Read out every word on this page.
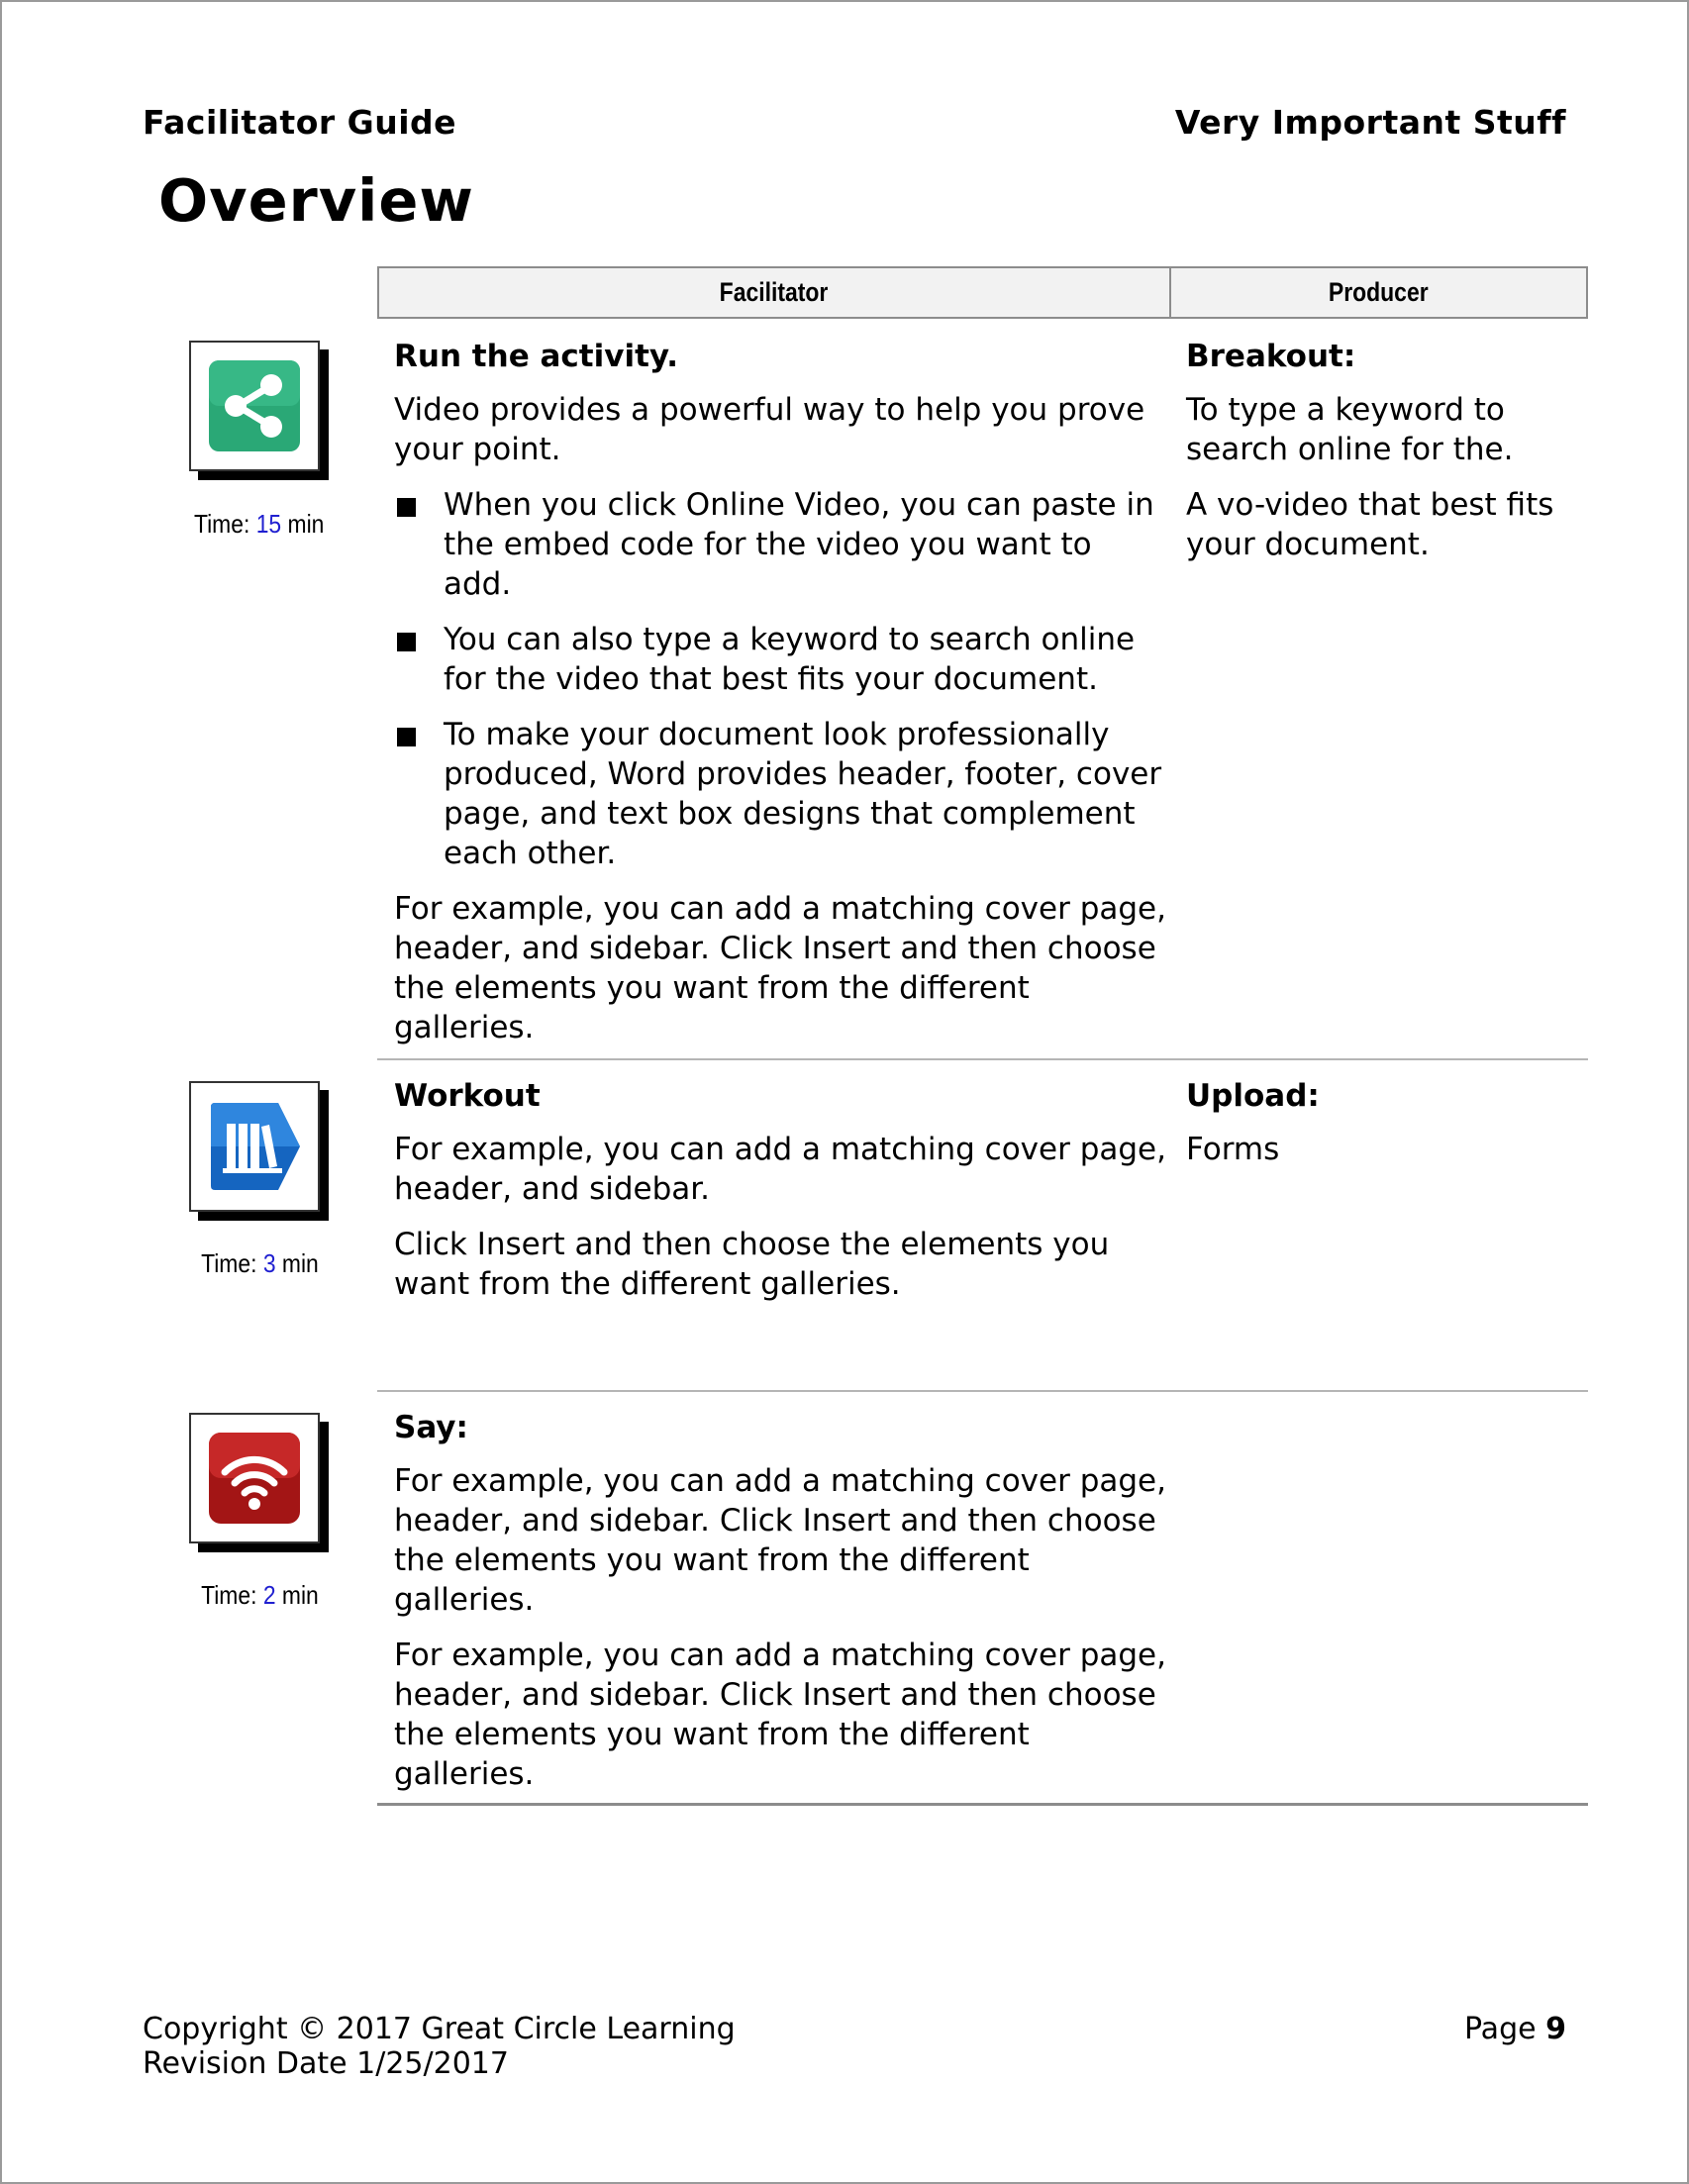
Facilitator Guide	Very Important Stuff
Overview
Facilitator	Producer
Time: 15 min
Run the activity.

Video provides a powerful way to help you prove your point.

When you click Online Video, you can paste in the embed code for the video you want to add.
You can also type a keyword to search online for the video that best fits your document.
To make your document look professionally produced, Word provides header, footer, cover page, and text box designs that complement each other.

For example, you can add a matching cover page, header, and sidebar. Click Insert and then choose the elements you want from the different galleries.

Breakout:

To type a keyword to search online for the.

A vo-video that best fits your document.

Time: 3 min
Workout

For example, you can add a matching cover page, header, and sidebar.

Click Insert and then choose the elements you want from the different galleries.

Upload:

Forms

Time: 2 min
Say:

For example, you can add a matching cover page, header, and sidebar. Click Insert and then choose the elements you want from the different galleries.

For example, you can add a matching cover page, header, and sidebar. Click Insert and then choose the elements you want from the different galleries.

Copyright © 2017 Great Circle Learning
Revision Date 1/25/2017
Page 9
